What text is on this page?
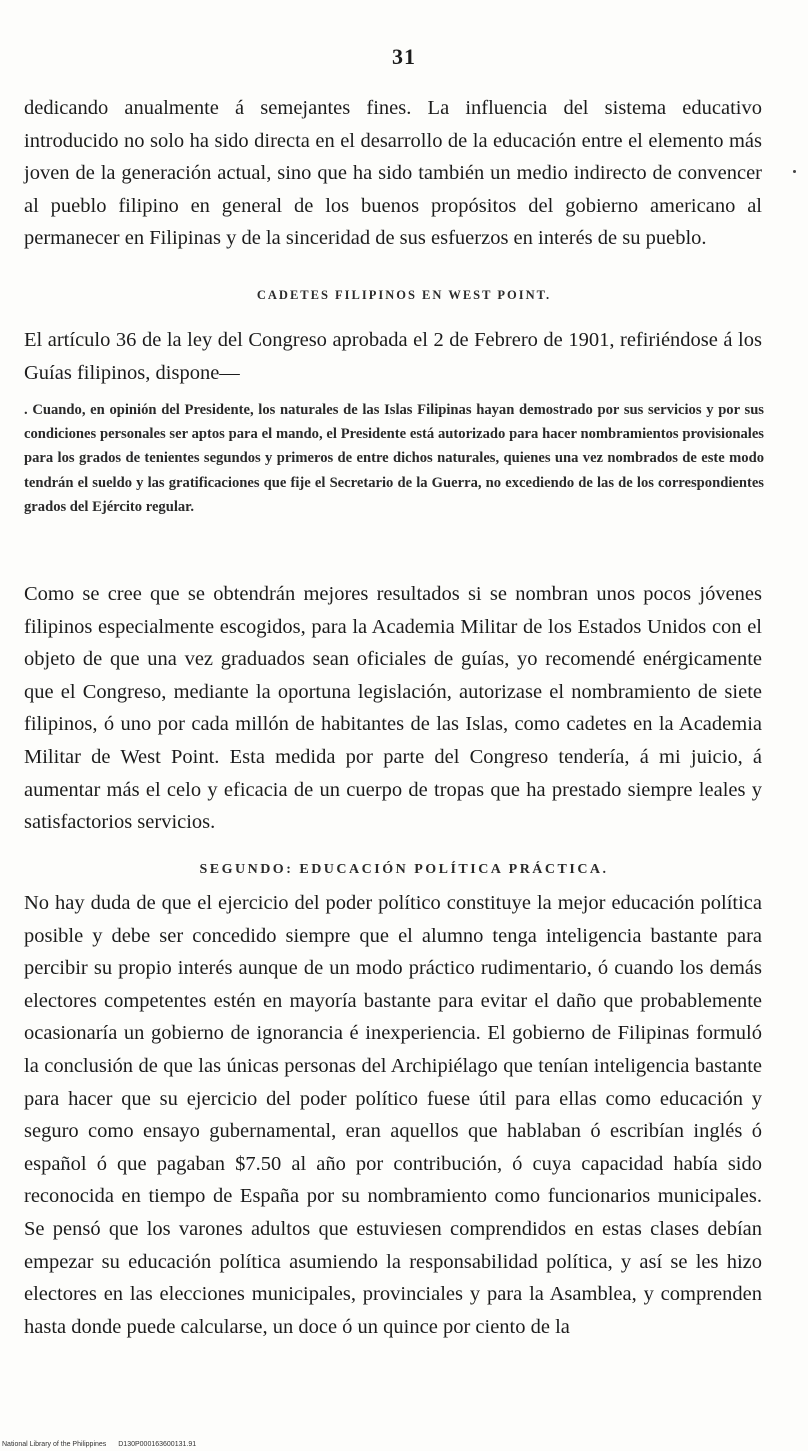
31

dedicando anualmente á semejantes fines. La influencia del sistema educativo introducido no solo ha sido directa en el desarrollo de la educación entre el elemento más joven de la generación actual, sino que ha sido también un medio indirecto de convencer al pueblo filipino en general de los buenos propósitos del gobierno americano al permanecer en Filipinas y de la sinceridad de sus esfuerzos en interés de su pueblo.

CADETES FILIPINOS EN WEST POINT.

El artículo 36 de la ley del Congreso aprobada el 2 de Febrero de 1901, refiriéndose á los Guías filipinos, dispone—

. Cuando, en opinión del Presidente, los naturales de las Islas Filipinas hayan demostrado por sus servicios y por sus condiciones personales ser aptos para el mando, el Presidente está autorizado para hacer nombramientos provisionales para los grados de tenientes segundos y primeros de entre dichos naturales, quienes una vez nombrados de este modo tendrán el sueldo y las gratificaciones que fije el Secretario de la Guerra, no excediendo de las de los correspondientes grados del Ejército regular.

Como se cree que se obtendrán mejores resultados si se nombran unos pocos jóvenes filipinos especialmente escogidos, para la Academia Militar de los Estados Unidos con el objeto de que una vez graduados sean oficiales de guías, yo recomendé enérgicamente que el Congreso, mediante la oportuna legislación, autorizase el nombramiento de siete filipinos, ó uno por cada millón de habitantes de las Islas, como cadetes en la Academia Militar de West Point. Esta medida por parte del Congreso tendería, á mi juicio, á aumentar más el celo y eficacia de un cuerpo de tropas que ha prestado siempre leales y satisfactorios servicios.

SEGUNDO: EDUCACIÓN POLÍTICA PRÁCTICA.

No hay duda de que el ejercicio del poder político constituye la mejor educación política posible y debe ser concedido siempre que el alumno tenga inteligencia bastante para percibir su propio interés aunque de un modo práctico rudimentario, ó cuando los demás electores competentes estén en mayoría bastante para evitar el daño que probablemente ocasionaría un gobierno de ignorancia é inexperiencia. El gobierno de Filipinas formuló la conclusión de que las únicas personas del Archipiélago que tenían inteligencia bastante para hacer que su ejercicio del poder político fuese útil para ellas como educación y seguro como ensayo gubernamental, eran aquellos que hablaban ó escribían inglés ó español ó que pagaban $7.50 al año por contribución, ó cuya capacidad había sido reconocida en tiempo de España por su nombramiento como funcionarios municipales. Se pensó que los varones adultos que estuviesen comprendidos en estas clases debían empezar su educación política asumiendo la responsabilidad política, y así se les hizo electores en las elecciones municipales, provinciales y para la Asamblea, y comprenden hasta donde puede calcularse, un doce ó un quince por ciento de la

National Library of the Philippines D130P000163600131.91
